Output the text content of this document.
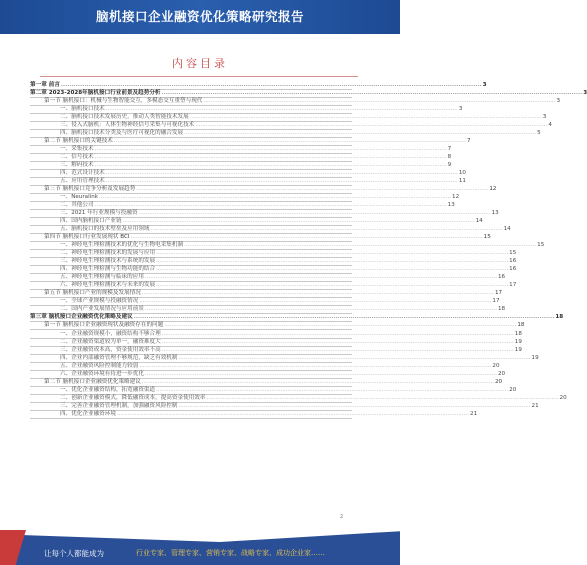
脑机接口企业融资优化策略研究报告
内容目录
第一章 前言 .....	3
第二章 2023-2028年脑机接口行业前景及趋势分析 .....	3
第一节 脑机接口：机械与生物智能交互，多模态交互重塑与现代 .....	3
一、脑机接口技术 .....	3
二、脑机接口技术发展历史，推动人类智能技术发展 .....	3
三、侵入式脑机：人体生物神经信号采集与可视化技术 .....	4
四、脑机接口技术分类及与医疗可视化的融合发展 .....	5
第二节 脑机接口的关键技术 .....	7
一、采集技术 .....	7
二、信号技术 .....	8
三、解码技术 .....	9
四、范式设计技术 .....	10
五、应用管理技术 .....	11
第三节 脑机接口竞争分析及发展趋势 .....	12
一、Neuralink .....	12
二、其他公司 .....	13
三、2021 年行业规模与投融资 .....	13
四、国内脑机接口产业链 .....	14
五、脑机接口的技术壁垒及应用领域 .....	14
第四节 脑机接口行业发展现状 BCI .....	15
一、神经电生理检测技术的优化与生物电采集机制 .....	15
二、神经电生理检测技术的发展与应用 .....	15
三、神经电生理检测技术与系统的发展 .....	16
四、神经电生理检测与生物功能的结合 .....	16
五、神经电生理检测与临床的应用 .....	16
六、神经电生理检测技术与未来的发展 .....	17
第五节 脑机接口产业的规模及发展情况 .....	17
一、全球产业规模与投融资情况 .....	17
二、国内产业发展情况与应用前景 .....	18
第三章 脑机接口企业融资优化策略及建议 .....	18
第一节 脑机接口企业融资现状及融资存在的问题 .....	18
一、企业融资规模小，融资结构不够合理 .....	18
二、企业融资渠道较为单一，融资难度大 .....	19
三、企业融资成本高，资金使用效率不高 .....	19
四、企业内部融资管理不够规范，缺乏有效机制 .....	19
五、企业融资风险控制能力较弱 .....	20
六、企业融资环境有待进一步优化 .....	20
第二节 脑机接口企业融资优化策略建议 .....	20
一、优化企业融资结构，拓宽融资渠道 .....	20
二、创新企业融资模式，降低融资成本，提高资金使用效率 .....	20
三、完善企业融资管理机制，加强融资风险控制 .....	21
四、优化企业融资环境 .....	21
2
让每个人都能成为	行业专家、管理专家、营销专家、战略专家、成功企业家……
